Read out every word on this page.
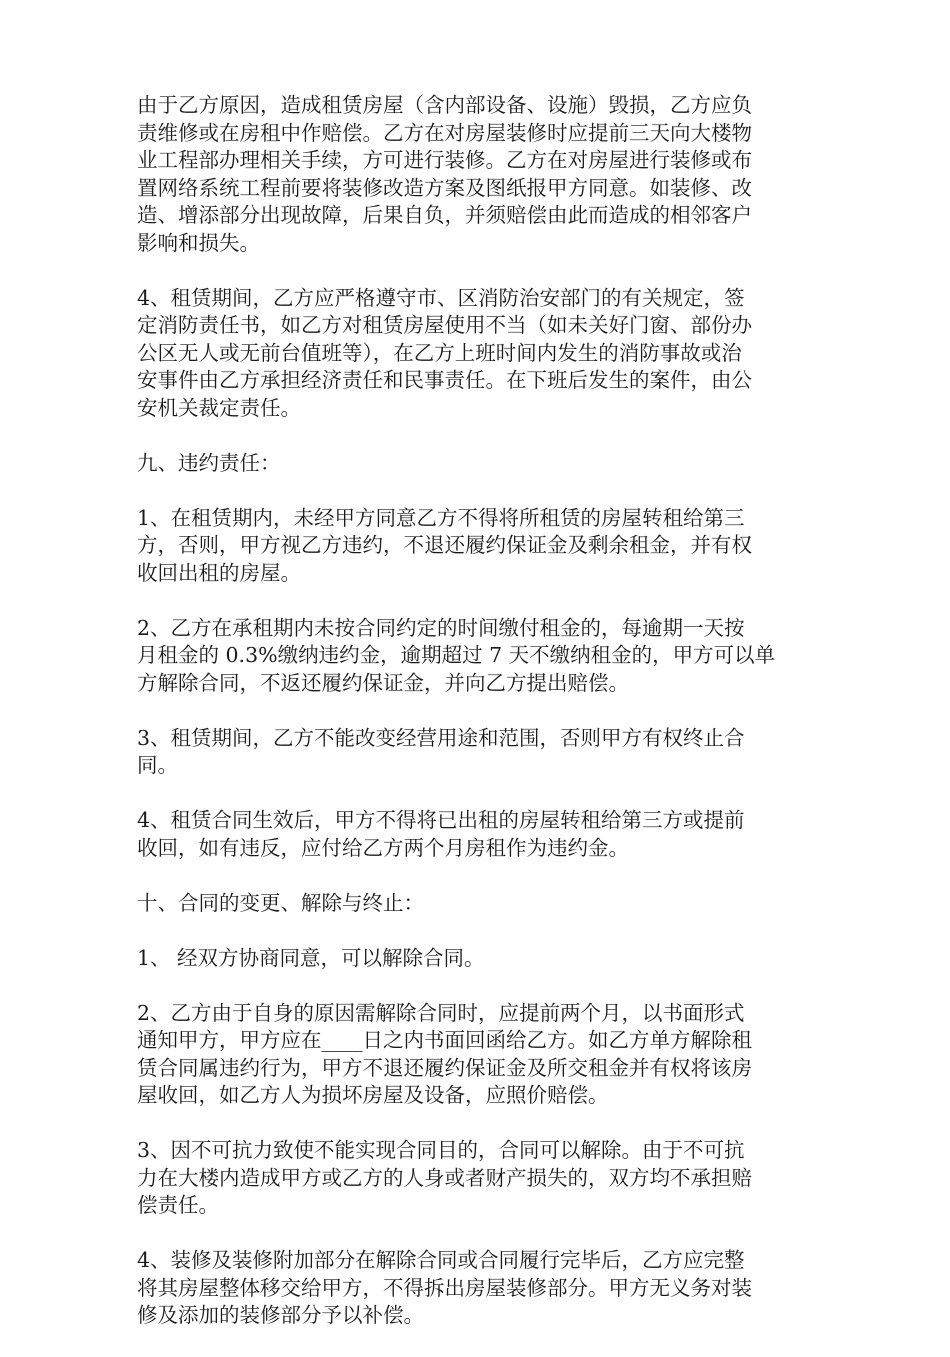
由于乙方原因，造成租赁房屋（含内部设备、设施）毁损，乙方应负
责维修或在房租中作赔偿。乙方在对房屋装修时应提前三天向大楼物
业工程部办理相关手续，方可进行装修。乙方在对房屋进行装修或布
置网络系统工程前要将装修改造方案及图纸报甲方同意。如装修、改
造、增添部分出现故障，后果自负，并须赔偿由此而造成的相邻客户
影响和损失。
4、租赁期间，乙方应严格遵守市、区消防治安部门的有关规定，签
定消防责任书，如乙方对租赁房屋使用不当（如未关好门窗、部份办
公区无人或无前台值班等），在乙方上班时间内发生的消防事故或治
安事件由乙方承担经济责任和民事责任。在下班后发生的案件，由公
安机关裁定责任。
九、违约责任：
1、在租赁期内，未经甲方同意乙方不得将所租赁的房屋转租给第三
方，否则，甲方视乙方违约，不退还履约保证金及剩余租金，并有权
收回出租的房屋。
2、乙方在承租期内未按合同约定的时间缴付租金的，每逾期一天按
月租金的 0.3%缴纳违约金，逾期超过 7 天不缴纳租金的，甲方可以单
方解除合同，不返还履约保证金，并向乙方提出赔偿。
3、租赁期间，乙方不能改变经营用途和范围，否则甲方有权终止合
同。
4、租赁合同生效后，甲方不得将已出租的房屋转租给第三方或提前
收回，如有违反，应付给乙方两个月房租作为违约金。
十、合同的变更、解除与终止：
1、 经双方协商同意，可以解除合同。
2、乙方由于自身的原因需解除合同时，应提前两个月，以书面形式
通知甲方，甲方应在____日之内书面回函给乙方。如乙方单方解除租
赁合同属违约行为，甲方不退还履约保证金及所交租金并有权将该房
屋收回，如乙方人为损坏房屋及设备，应照价赔偿。
3、因不可抗力致使不能实现合同目的，合同可以解除。由于不可抗
力在大楼内造成甲方或乙方的人身或者财产损失的，双方均不承担赔
偿责任。
4、装修及装修附加部分在解除合同或合同履行完毕后，乙方应完整
将其房屋整体移交给甲方，不得拆出房屋装修部分。甲方无义务对装
修及添加的装修部分予以补偿。
